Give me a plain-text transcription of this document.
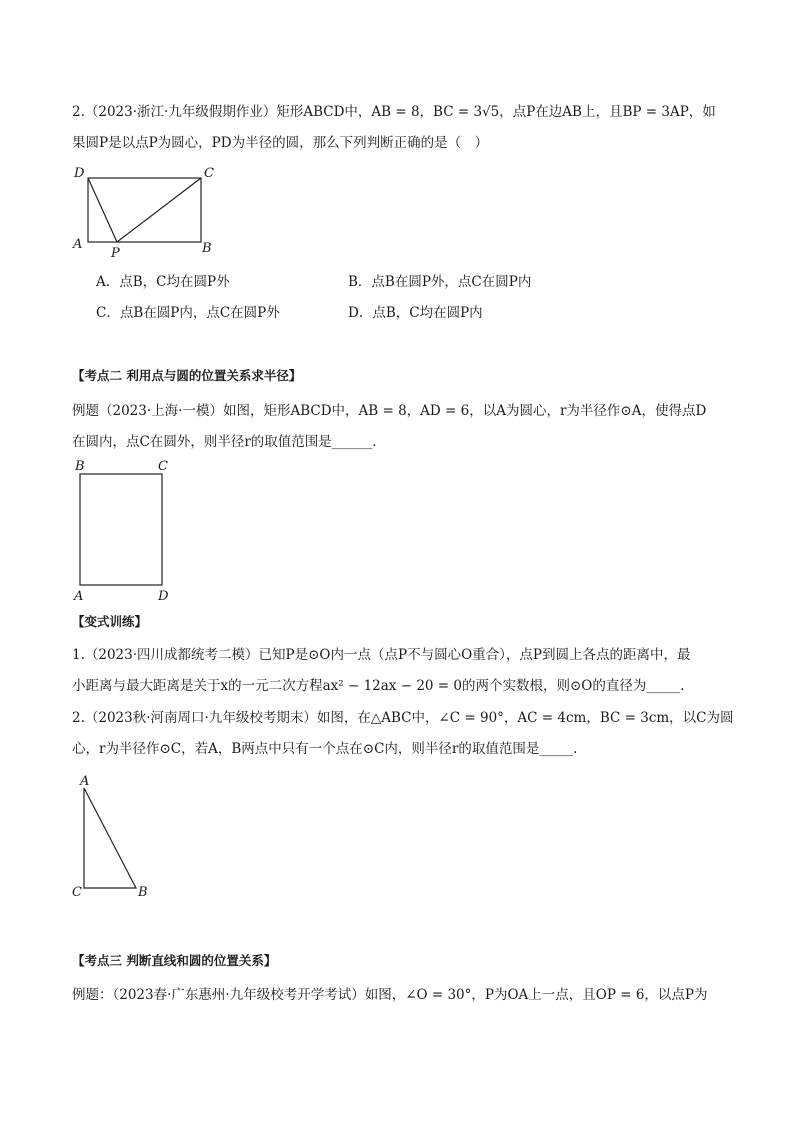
2.（2023·浙江·九年级假期作业）矩形ABCD中，AB = 8，BC = 3√5，点P在边AB上，且BP = 3AP，如
果圆P是以点P为圆心，PD为半径的圆，那么下列判断正确的是（　）
D	C
A
P	B
B	C
A	D
A
C	B
A．点B，C均在圆P外	B．点B在圆P外，点C在圆P内
C．点B在圆P内，点C在圆P外	D．点B，C均在圆P内
【考点二 利用点与圆的位置关系求半径】
例题（2023·上海·一模）如图，矩形ABCD中，AB = 8，AD = 6，以A为圆心，r为半径作⊙A，使得点D
在圆内，点C在圆外，则半径r的取值范围是______.
【变式训练】
1.（2023·四川成都统考二模）已知P是⊙O内一点（点P不与圆心O重合），点P到圆上各点的距离中，最
小距离与最大距离是关于x的一元二次方程ax² − 12ax − 20 = 0的两个实数根，则⊙O的直径为_____.
2.（2023秋·河南周口·九年级校考期末）如图，在△ABC中，∠C = 90°，AC = 4cm，BC = 3cm，以C为圆
心，r为半径作⊙C，若A，B两点中只有一个点在⊙C内，则半径r的取值范围是_____.
【考点三 判断直线和圆的位置关系】
例题：（2023春·广东惠州·九年级校考开学考试）如图，∠O = 30°，P为OA上一点，且OP = 6，以点P为
